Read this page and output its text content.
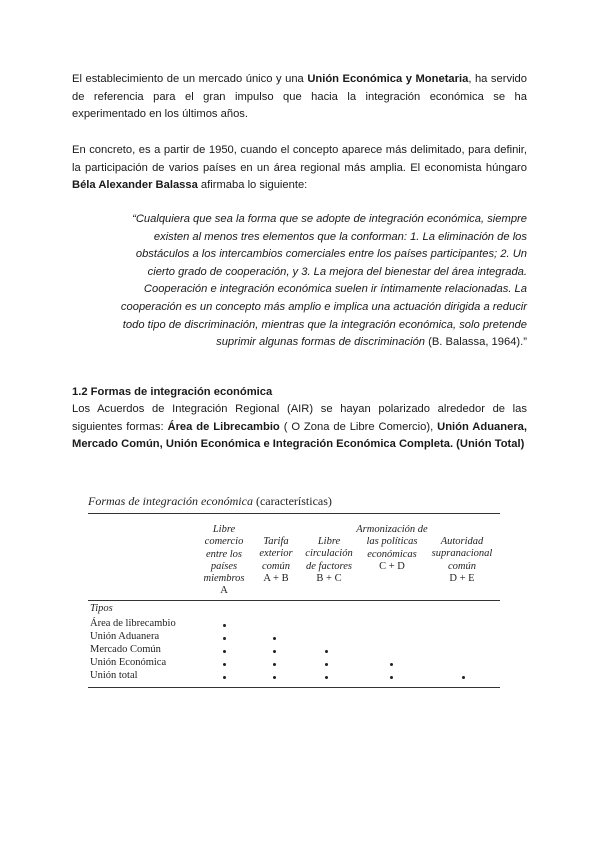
El establecimiento de un mercado único y una Unión Económica y Monetaria, ha servido de referencia para el gran impulso que hacia la integración económica se ha experimentado en los últimos años.
En concreto, es a partir de 1950, cuando el concepto aparece más delimitado, para definir, la participación de varios países en un área regional más amplia. El economista húngaro Béla Alexander Balassa afirmaba lo siguiente:
“Cualquiera que sea la forma que se adopte de integración económica, siempre
existen al menos tres elementos que la conforman: 1. La eliminación de los
obstáculos a los intercambios comerciales entre los países participantes; 2. Un
cierto grado de cooperación, y 3. La mejora del bienestar del área integrada.
Cooperación e integración económica suelen ir íntimamente relacionadas. La
cooperación es un concepto más amplio e implica una actuación dirigida a reducir
todo tipo de discriminación, mientras que la integración económica, solo pretende
suprimir algunas formas de discriminación (B. Balassa, 1964).”
1.2 Formas de integración económica
Los Acuerdos de Integración Regional (AIR) se hayan polarizado alrededor de las siguientes formas: Área de Librecambio ( O Zona de Libre Comercio), Unión Aduanera, Mercado Común, Unión Económica e Integración Económica Completa. (Unión Total)
Formas de integración económica (características)
Libre comercio entre los países miembros
A
Tarifa exterior común
A + B
Libre circulación de factores
B + C
Armonización de las políticas económicas
C + D
Autoridad supranacional común
D + E
Tipos
Área de librecambio
Unión Aduanera
Mercado Común
Unión Económica
Unión total
